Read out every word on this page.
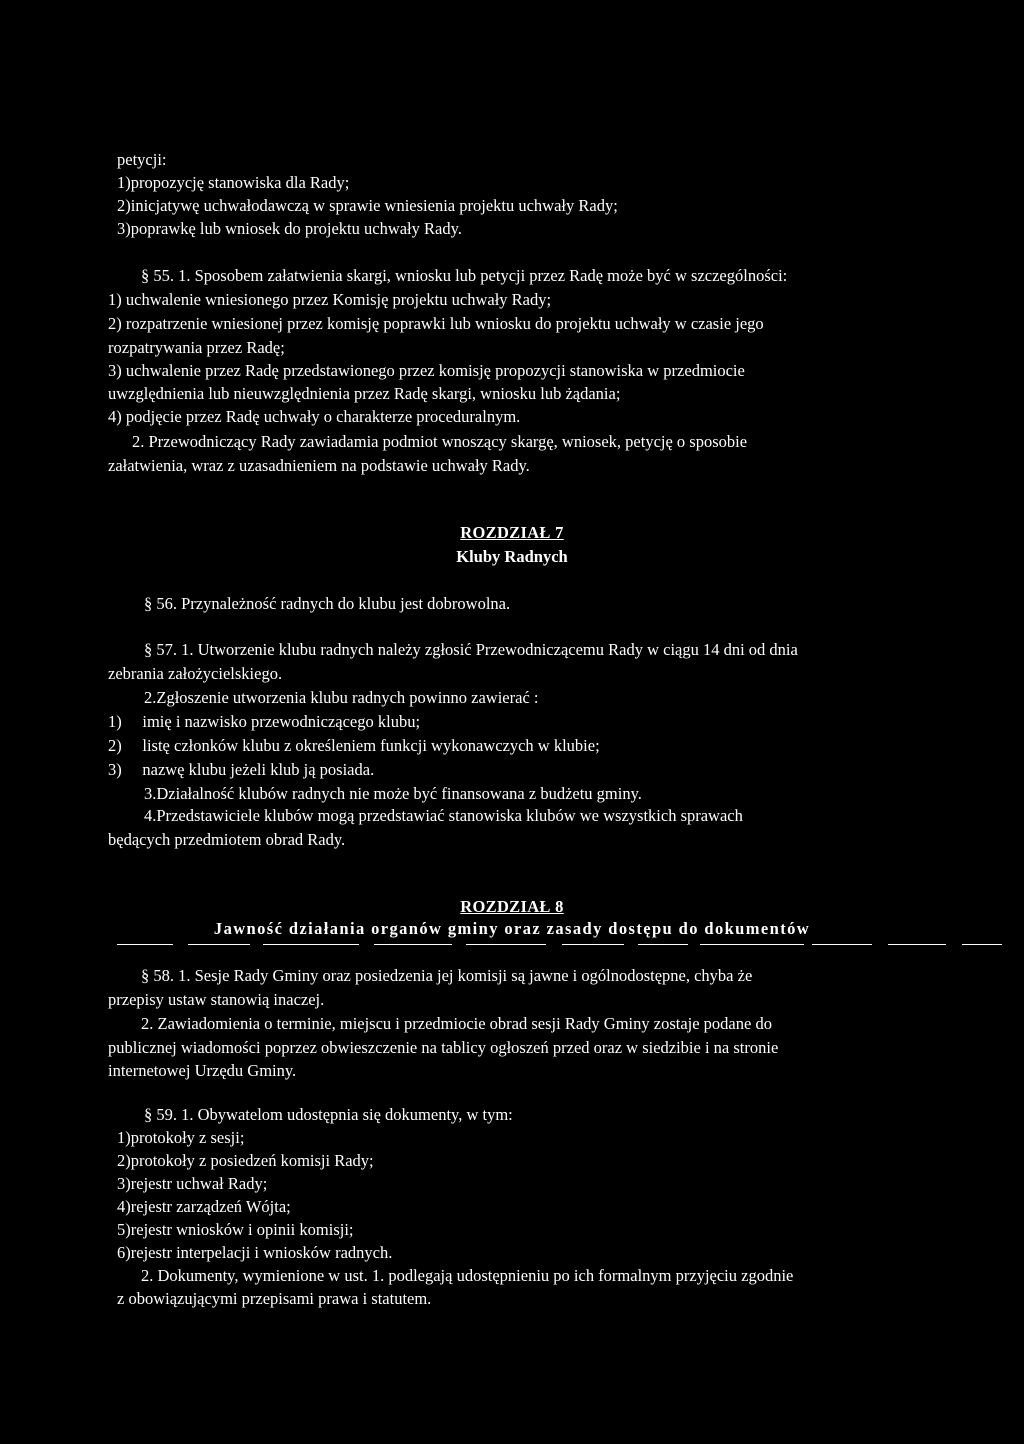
petycji:
1)propozycję stanowiska dla Rady;
2)inicjatywę uchwałodawczą w sprawie wniesienia projektu uchwały Rady;
3)poprawkę lub wniosek do projektu uchwały Rady.
§ 55. 1. Sposobem załatwienia skargi, wniosku lub petycji przez Radę może być w szczególności:
1) uchwalenie wniesionego przez Komisję projektu uchwały Rady;
2) rozpatrzenie wniesionej przez komisję poprawki lub wniosku do projektu uchwały w czasie jego
rozpatrywania przez Radę;
3) uchwalenie przez Radę przedstawionego przez komisję propozycji stanowiska w przedmiocie
uwzględnienia lub nieuwzględnienia przez Radę skargi, wniosku lub żądania;
4) podjęcie przez Radę uchwały o charakterze proceduralnym.
2. Przewodniczący Rady zawiadamia podmiot wnoszący skargę, wniosek, petycję o sposobie
załatwienia, wraz z uzasadnieniem na podstawie uchwały Rady.
ROZDZIAŁ 7
Kluby Radnych
§ 56. Przynależność radnych do klubu jest dobrowolna.
§ 57. 1. Utworzenie klubu radnych należy zgłosić Przewodniczącemu Rady w ciągu 14 dni od dnia
zebrania założycielskiego.
2.Zgłoszenie utworzenia klubu radnych powinno zawierać :
1)     imię i nazwisko przewodniczącego klubu;
2)     listę członków klubu z określeniem funkcji wykonawczych w klubie;
3)     nazwę klubu jeżeli klub ją posiada.
3.Działalność klubów radnych nie może być finansowana z budżetu gminy.
4.Przedstawiciele klubów mogą przedstawiać stanowiska klubów we wszystkich sprawach
będących przedmiotem obrad Rady.
ROZDZIAŁ 8
Jawność działania organów gminy oraz zasady dostępu do dokumentów
§ 58. 1. Sesje Rady Gminy oraz posiedzenia jej komisji są jawne i ogólnodostępne, chyba że
przepisy ustaw stanowią inaczej.
2. Zawiadomienia o terminie, miejscu i przedmiocie obrad sesji Rady Gminy zostaje podane do
publicznej wiadomości poprzez obwieszczenie na tablicy ogłoszeń przed oraz w siedzibie i na stronie
internetowej Urzędu Gminy.
§ 59. 1. Obywatelom udostępnia się dokumenty, w tym:
1)protokoły z sesji;
2)protokoły z posiedzeń komisji Rady;
3)rejestr uchwał Rady;
4)rejestr zarządzeń Wójta;
5)rejestr wniosków i opinii komisji;
6)rejestr interpelacji i wniosków radnych.
2. Dokumenty, wymienione w ust. 1. podlegają udostępnieniu po ich formalnym przyjęciu zgodnie
z obowiązującymi przepisami prawa i statutem.
